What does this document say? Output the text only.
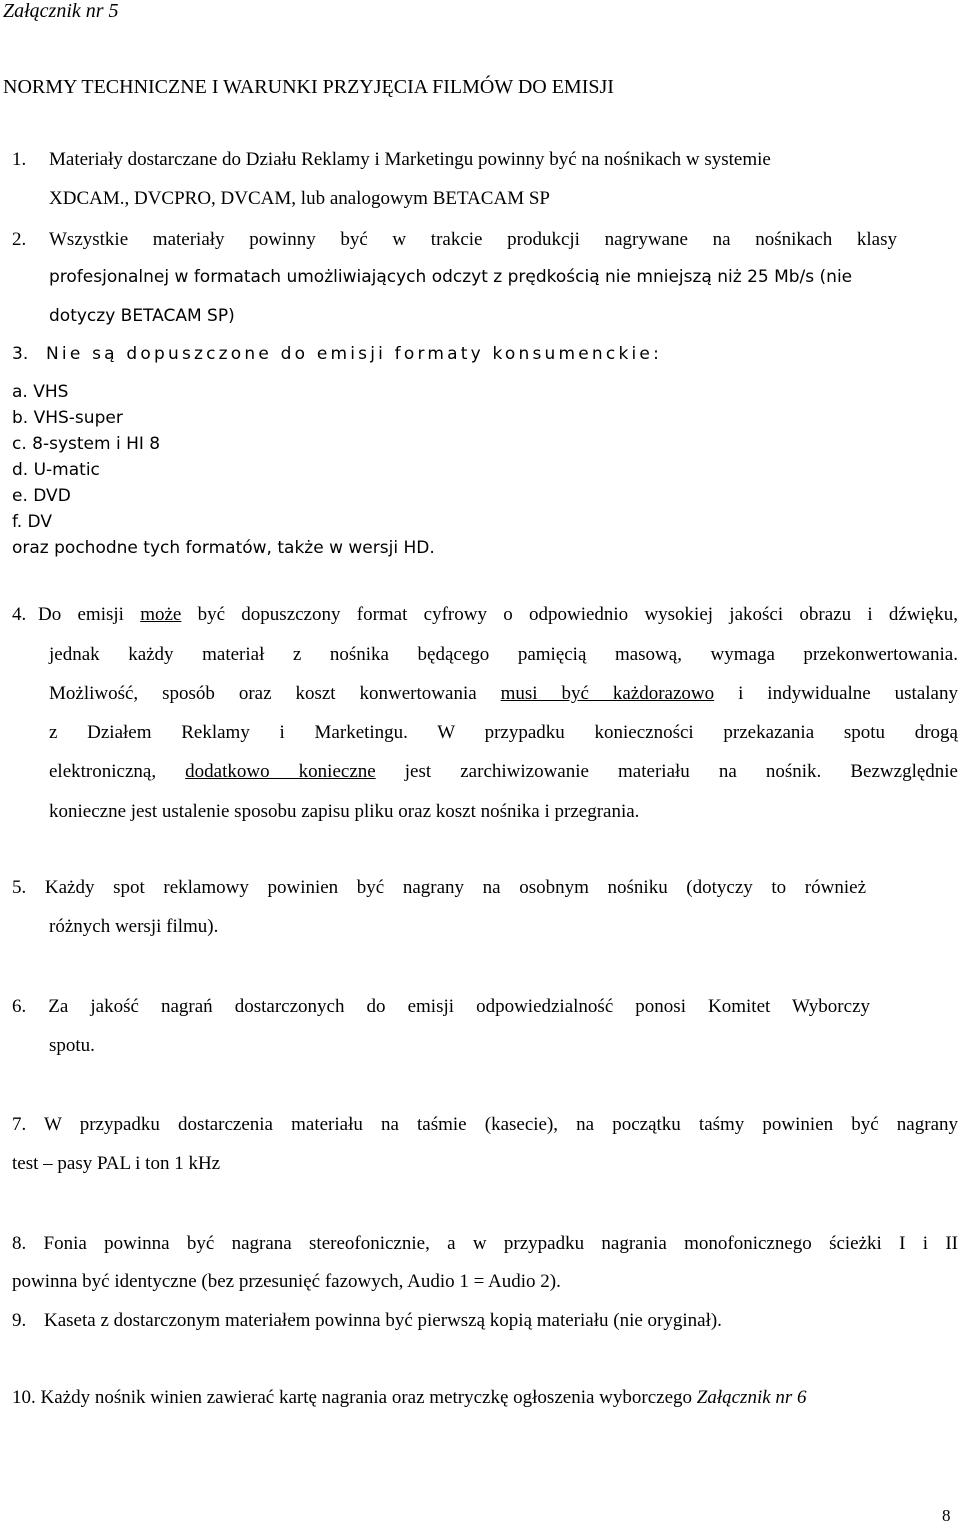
Załącznik nr 5
NORMY TECHNICZNE I WARUNKI PRZYJĘCIA FILMÓW DO EMISJI
1. Materiały dostarczane do Działu Reklamy i Marketingu powinny być na nośnikach w systemie
XDCAM., DVCPRO, DVCAM, lub analogowym BETACAM SP
2. Wszystkie materiały powinny być w trakcie produkcji nagrywane na nośnikach klasy
profesjonalnej w formatach umożliwiających odczyt z prędkością nie mniejszą niż 25 Mb/s (nie
dotyczy BETACAM SP)
3. Nie są dopuszczone do emisji formaty konsumenckie:
a. VHS
b. VHS-super
c. 8-system i HI 8
d. U-matic
e. DVD
f. DV
oraz pochodne tych formatów, także w wersji HD.
4. Do emisji może być dopuszczony format cyfrowy o odpowiednio wysokiej jakości obrazu i dźwięku,
jednak każdy materiał z nośnika będącego pamięcią masową, wymaga przekonwertowania.
Możliwość, sposób oraz koszt konwertowania musi być każdorazowo i indywidualne ustalany
z Działem Reklamy i Marketingu. W przypadku konieczności przekazania spotu drogą
elektroniczną, dodatkowo konieczne jest zarchiwizowanie materiału na nośnik. Bezwzględnie
konieczne jest ustalenie sposobu zapisu pliku oraz koszt nośnika i przegrania.
5. Każdy spot reklamowy powinien być nagrany na osobnym nośniku (dotyczy to również
różnych wersji filmu).
6. Za jakość nagrań dostarczonych do emisji odpowiedzialność ponosi Komitet Wyborczy
spotu.
7. W przypadku dostarczenia materiału na taśmie (kasecie), na początku taśmy powinien być nagrany
test – pasy PAL i ton 1 kHz
8. Fonia powinna być nagrana stereofonicznie, a w przypadku nagrania monofonicznego ścieżki I i II
powinna być identyczne (bez przesunięć fazowych, Audio 1 = Audio 2).
9. Kaseta z dostarczonym materiałem powinna być pierwszą kopią materiału (nie oryginał).
10. Każdy nośnik winien zawierać kartę nagrania oraz metryczkę ogłoszenia wyborczego Załącznik nr 6
8
